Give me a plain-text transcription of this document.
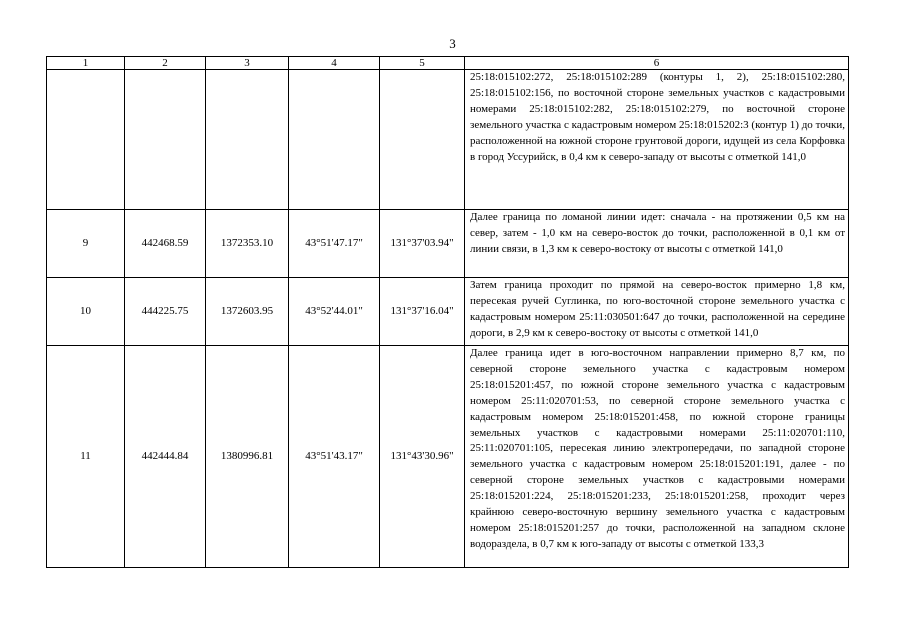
3
1	2	3	4	5	6

					25:18:015102:272, 25:18:015102:289 (контуры 1, 2), 25:18:015102:280, 25:18:015102:156, по восточной стороне земельных участков с кадастровыми номерами 25:18:015102:282, 25:18:015102:279, по восточной стороне земельного участка с кадастровым номером 25:18:015202:3 (контур 1) до точки, расположенной на южной стороне грунтовой дороги, идущей из села Корфовка в город Уссурийск, в 0,4 км к северо-западу от высоты с отметкой 141,0

9	442468.59	1372353.10	43°51'47.17"	131°37'03.94"	Далее граница по ломаной линии идет: сначала - на протяжении 0,5 км на север, затем - 1,0 км на северо-восток до точки, расположенной в 0,1 км от линии связи, в 1,3 км к северо-востоку от высоты с отметкой 141,0

10	444225.75	1372603.95	43°52'44.01"	131°37'16.04"	Затем граница проходит по прямой на северо-восток примерно 1,8 км, пересекая ручей Суглинка, по юго-восточной стороне земельного участка с кадастровым номером 25:11:030501:647 до точки, расположенной на середине дороги, в 2,9 км к северо-востоку от высоты с отметкой 141,0

11	442444.84	1380996.81	43°51'43.17"	131°43'30.96"	Далее граница идет в юго-восточном направлении примерно 8,7 км, по северной стороне земельного участка с кадастровым номером 25:18:015201:457, по южной стороне земельного участка с кадастровым номером 25:11:020701:53, по северной стороне земельного участка с кадастровым номером 25:18:015201:458, по южной стороне границы земельных участков с кадастровыми номерами 25:11:020701:110, 25:11:020701:105, пересекая линию электропередачи, по западной стороне земельного участка с кадастровым номером 25:18:015201:191, далее - по северной стороне земельных участков с кадастровыми номерами 25:18:015201:224, 25:18:015201:233, 25:18:015201:258, проходит через крайнюю северо-восточную вершину земельного участка с кадастровым номером 25:18:015201:257 до точки, расположенной на западном склоне водораздела, в 0,7 км к юго-западу от высоты с отметкой 133,3
